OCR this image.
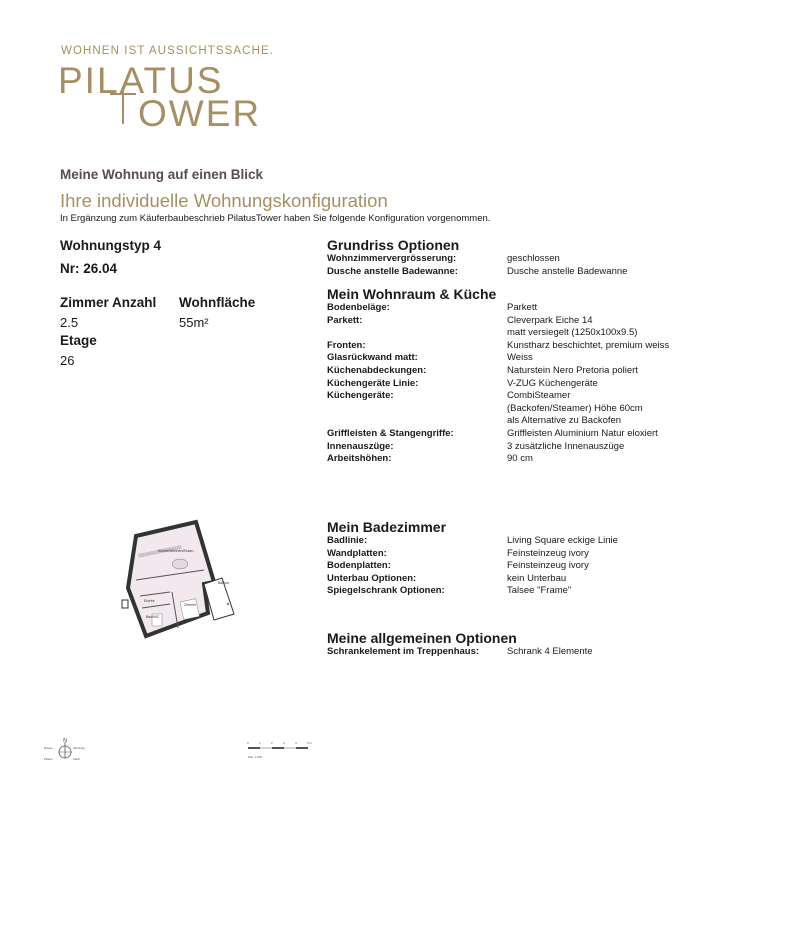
WOHNEN IST AUSSICHTSSACHE.
PILATUS
OWER
Meine Wohnung auf einen Blick
Ihre individuelle Wohnungskonfiguration
In Ergänzung zum Käuferbaubeschrieb PilatusTower haben Sie folgende Konfiguration vorgenommen.
Wohnungstyp 4
Nr: 26.04
Zimmer Anzahl
2.5
Wohnfläche
55m²
Etage
26
Grundriss Optionen
Wohnzimmervergrösserung:	geschlossen
Dusche anstelle Badewanne:	Dusche anstelle Badewanne
Mein Wohnraum & Küche
Bodenbeläge:	Parkett
Parkett:	Cleverpark Eiche 14
matt versiegelt (1250x100x9.5)
Fronten:	Kunstharz beschichtet, premium weiss
Glasrückwand matt:	Weiss
Küchenabdeckungen:	Naturstein Nero Pretoria poliert
Küchengeräte Linie:	V-ZUG Küchengeräte
Küchengeräte:	CombiSteamer
(Backofen/Steamer) Höhe 60cm
als Alternative zu Backofen
Griffleisten & Stangengriffe:	Griffleisten Aluminium Natur eloxiert
Innenauszüge:	3 zusätzliche Innenauszüge
Arbeitshöhen:	90 cm
Mein Badezimmer
Badlinie:	Living Square eckige Linie
Wandplatten:	Feinsteinzeug ivory
Bodenplatten:	Feinsteinzeug ivory
Unterbau Optionen:	kein Unterbau
Spiegelschrank Optionen:	Talsee "Frame"
Meine allgemeinen Optionen
Schrankelement im Treppenhaus:	Schrank 4 Elemente
Küche/Wohnen/Essen
Balkon
Zimmer
Entrée
Bad/WC
N
Rotsee	Weinberg
Pilatus	Stadt
0	1	2	3	4	5 m
Mst. 1:100
